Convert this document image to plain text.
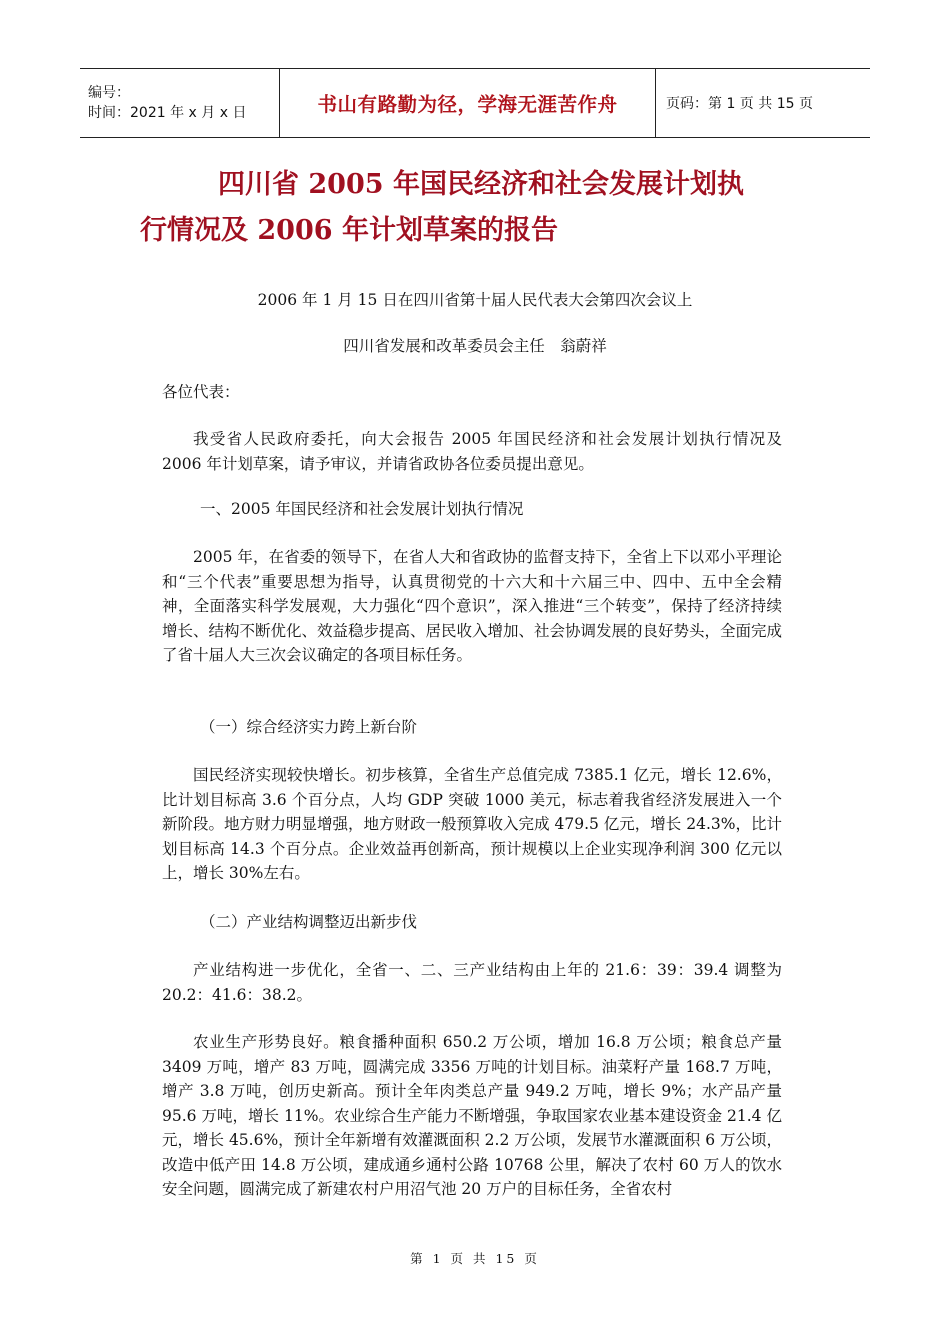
编号：
时间：2021 年 x 月 x 日	书山有路勤为径，学海无涯苦作舟	页码：第 1 页 共 15 页
四川省 2005 年国民经济和社会发展计划执
行情况及 2006 年计划草案的报告
2006 年 1 月 15 日在四川省第十届人民代表大会第四次会议上
四川省发展和改革委员会主任　翁蔚祥
各位代表：

我受省人民政府委托，向大会报告 2005 年国民经济和社会发展计划执行情况及 2006 年计划草案，请予审议，并请省政协各位委员提出意见。

一、2005 年国民经济和社会发展计划执行情况

2005 年，在省委的领导下，在省人大和省政协的监督支持下，全省上下以邓小平理论和“三个代表”重要思想为指导，认真贯彻党的十六大和十六届三中、四中、五中全会精神，全面落实科学发展观，大力强化“四个意识”，深入推进“三个转变”，保持了经济持续增长、结构不断优化、效益稳步提高、居民收入增加、社会协调发展的良好势头，全面完成了省十届人大三次会议确定的各项目标任务。

（一）综合经济实力跨上新台阶

国民经济实现较快增长。初步核算，全省生产总值完成 7385.1 亿元，增长 12.6%，比计划目标高 3.6 个百分点，人均 GDP 突破 1000 美元，标志着我省经济发展进入一个新阶段。地方财力明显增强，地方财政一般预算收入完成 479.5 亿元，增长 24.3%，比计划目标高 14.3 个百分点。企业效益再创新高，预计规模以上企业实现净利润 300 亿元以上，增长 30%左右。

（二）产业结构调整迈出新步伐

产业结构进一步优化，全省一、二、三产业结构由上年的 21.6：39：39.4 调整为 20.2：41.6：38.2。

农业生产形势良好。粮食播种面积 650.2 万公顷，增加 16.8 万公顷；粮食总产量 3409 万吨，增产 83 万吨，圆满完成 3356 万吨的计划目标。油菜籽产量 168.7 万吨，增产 3.8 万吨，创历史新高。预计全年肉类总产量 949.2 万吨，增长 9%；水产品产量 95.6 万吨，增长 11%。农业综合生产能力不断增强，争取国家农业基本建设资金 21.4 亿元，增长 45.6%，预计全年新增有效灌溉面积 2.2 万公顷，发展节水灌溉面积 6 万公顷，改造中低产田 14.8 万公顷，建成通乡通村公路 10768 公里，解决了农村 60 万人的饮水安全问题，圆满完成了新建农村户用沼气池 20 万户的目标任务，全省农村

第 1 页 共 15 页
